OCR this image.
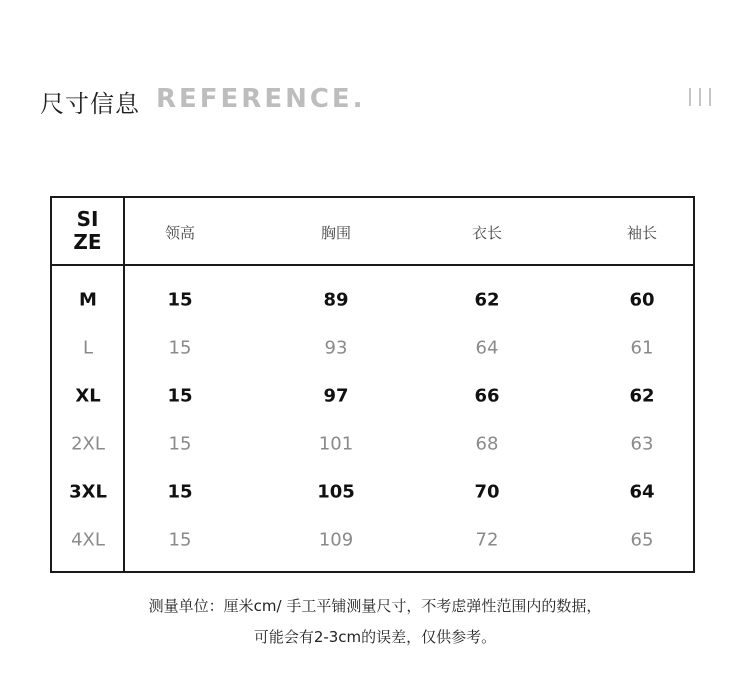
尺寸信息 REFERENCE.
SI
ZE	领高	胸围	衣长	袖长
M	15	89	62	60
L	15	93	64	61
XL	15	97	66	62
2XL	15	101	68	63
3XL	15	105	70	64
4XL	15	109	72	65
测量单位：厘米cm/ 手工平铺测量尺寸，不考虑弹性范围内的数据，
可能会有2-3cm的误差，仅供参考。
